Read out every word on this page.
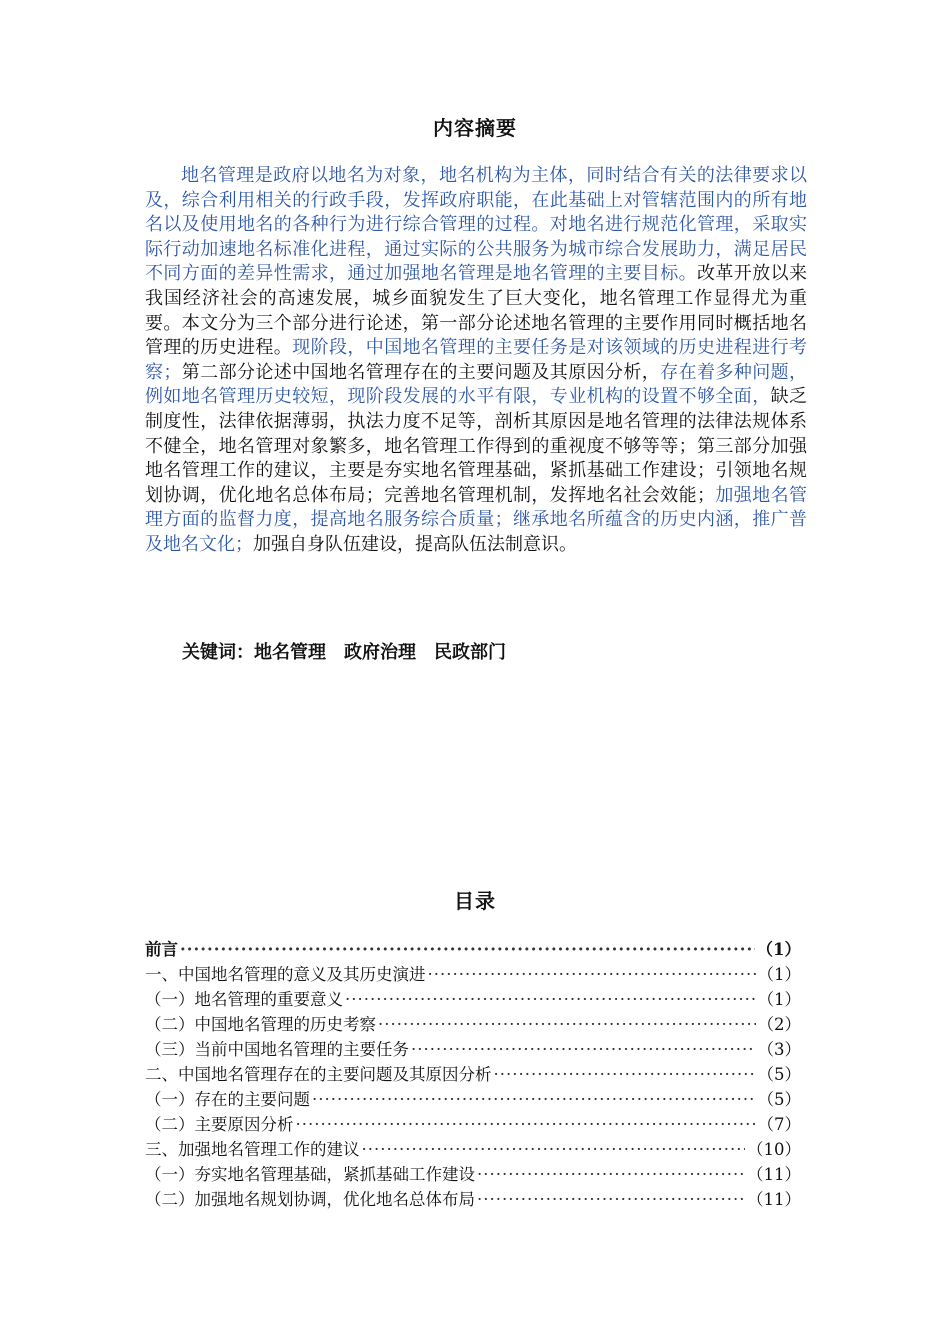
内容摘要

地名管理是政府以地名为对象，地名机构为主体，同时结合有关的法律要求以及，综合利用相关的行政手段，发挥政府职能，在此基础上对管辖范围内的所有地名以及使用地名的各种行为进行综合管理的过程。对地名进行规范化管理，采取实际行动加速地名标准化进程，通过实际的公共服务为城市综合发展助力，满足居民不同方面的差异性需求，通过加强地名管理是地名管理的主要目标。改革开放以来我国经济社会的高速发展，城乡面貌发生了巨大变化，地名管理工作显得尤为重要。本文分为三个部分进行论述，第一部分论述地名管理的主要作用同时概括地名管理的历史进程。现阶段，中国地名管理的主要任务是对该领域的历史进程进行考察；第二部分论述中国地名管理存在的主要问题及其原因分析，存在着多种问题，例如地名管理历史较短，现阶段发展的水平有限，专业机构的设置不够全面，缺乏制度性，法律依据薄弱，执法力度不足等，剖析其原因是地名管理的法律法规体系不健全，地名管理对象繁多，地名管理工作得到的重视度不够等等；第三部分加强地名管理工作的建议，主要是夯实地名管理基础，紧抓基础工作建设；引领地名规划协调，优化地名总体布局；完善地名管理机制，发挥地名社会效能；加强地名管理方面的监督力度，提高地名服务综合质量；继承地名所蕴含的历史内涵，推广普及地名文化；加强自身队伍建设，提高队伍法制意识。

关键词：地名管理　政府治理　民政部门
目录
前言 ·····	（1）
一、中国地名管理的意义及其历史演进 ·····	（1）
（一）地名管理的重要意义 ·····	（1）
（二）中国地名管理的历史考察 ·····	（2）
（三）当前中国地名管理的主要任务 ·····	（3）
二、中国地名管理存在的主要问题及其原因分析 ·····	（5）
（一）存在的主要问题 ·····	（5）
（二）主要原因分析 ·····	（7）
三、加强地名管理工作的建议 ·····	（10）
（一）夯实地名管理基础，紧抓基础工作建设 ·····	（11）
（二）加强地名规划协调，优化地名总体布局 ·····	（11）
